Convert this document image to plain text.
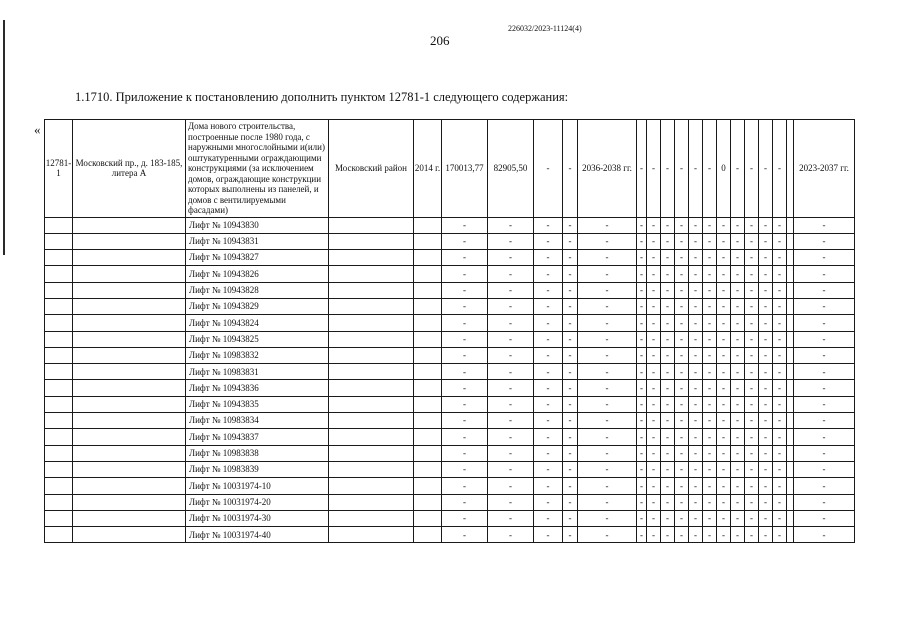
226032/2023-11124(4)
206
1.1710. Приложение к постановлению дополнить пунктом 12781-1 следующего содержания:
«
12781-1	Московский пр., д. 183-185, литера А	Дома нового строительства, построенные после 1980 года, с наружными многослойными и(или) оштукатуренными ограждающими конструкциями (за исключением домов, ограждающие конструкции которых выполнены из панелей, и домов с вентилируемыми фасадами)	Московский район	2014 г.	170013,77	82905,50	-	-	2036-2038 гг.	-	-	-	-	-	-	0	-	-	-	-		2023-2037 гг.
		Лифт № 10943830			-	-	-	-	-	-	-	-	-	-	-	-	-	-	-	-		-
		Лифт № 10943831			-	-	-	-	-	-	-	-	-	-	-	-	-	-	-	-		-
		Лифт № 10943827			-	-	-	-	-	-	-	-	-	-	-	-	-	-	-	-		-
		Лифт № 10943826			-	-	-	-	-	-	-	-	-	-	-	-	-	-	-	-		-
		Лифт № 10943828			-	-	-	-	-	-	-	-	-	-	-	-	-	-	-	-		-
		Лифт № 10943829			-	-	-	-	-	-	-	-	-	-	-	-	-	-	-	-		-
		Лифт № 10943824			-	-	-	-	-	-	-	-	-	-	-	-	-	-	-	-		-
		Лифт № 10943825			-	-	-	-	-	-	-	-	-	-	-	-	-	-	-	-		-
		Лифт № 10983832			-	-	-	-	-	-	-	-	-	-	-	-	-	-	-	-		-
		Лифт № 10983831			-	-	-	-	-	-	-	-	-	-	-	-	-	-	-	-		-
		Лифт № 10943836			-	-	-	-	-	-	-	-	-	-	-	-	-	-	-	-		-
		Лифт № 10943835			-	-	-	-	-	-	-	-	-	-	-	-	-	-	-	-		-
		Лифт № 10983834			-	-	-	-	-	-	-	-	-	-	-	-	-	-	-	-		-
		Лифт № 10943837			-	-	-	-	-	-	-	-	-	-	-	-	-	-	-	-		-
		Лифт № 10983838			-	-	-	-	-	-	-	-	-	-	-	-	-	-	-	-		-
		Лифт № 10983839			-	-	-	-	-	-	-	-	-	-	-	-	-	-	-	-		-
		Лифт № 10031974-10			-	-	-	-	-	-	-	-	-	-	-	-	-	-	-	-		-
		Лифт № 10031974-20			-	-	-	-	-	-	-	-	-	-	-	-	-	-	-	-		-
		Лифт № 10031974-30			-	-	-	-	-	-	-	-	-	-	-	-	-	-	-	-		-
		Лифт № 10031974-40			-	-	-	-	-	-	-	-	-	-	-	-	-	-	-	-		-
